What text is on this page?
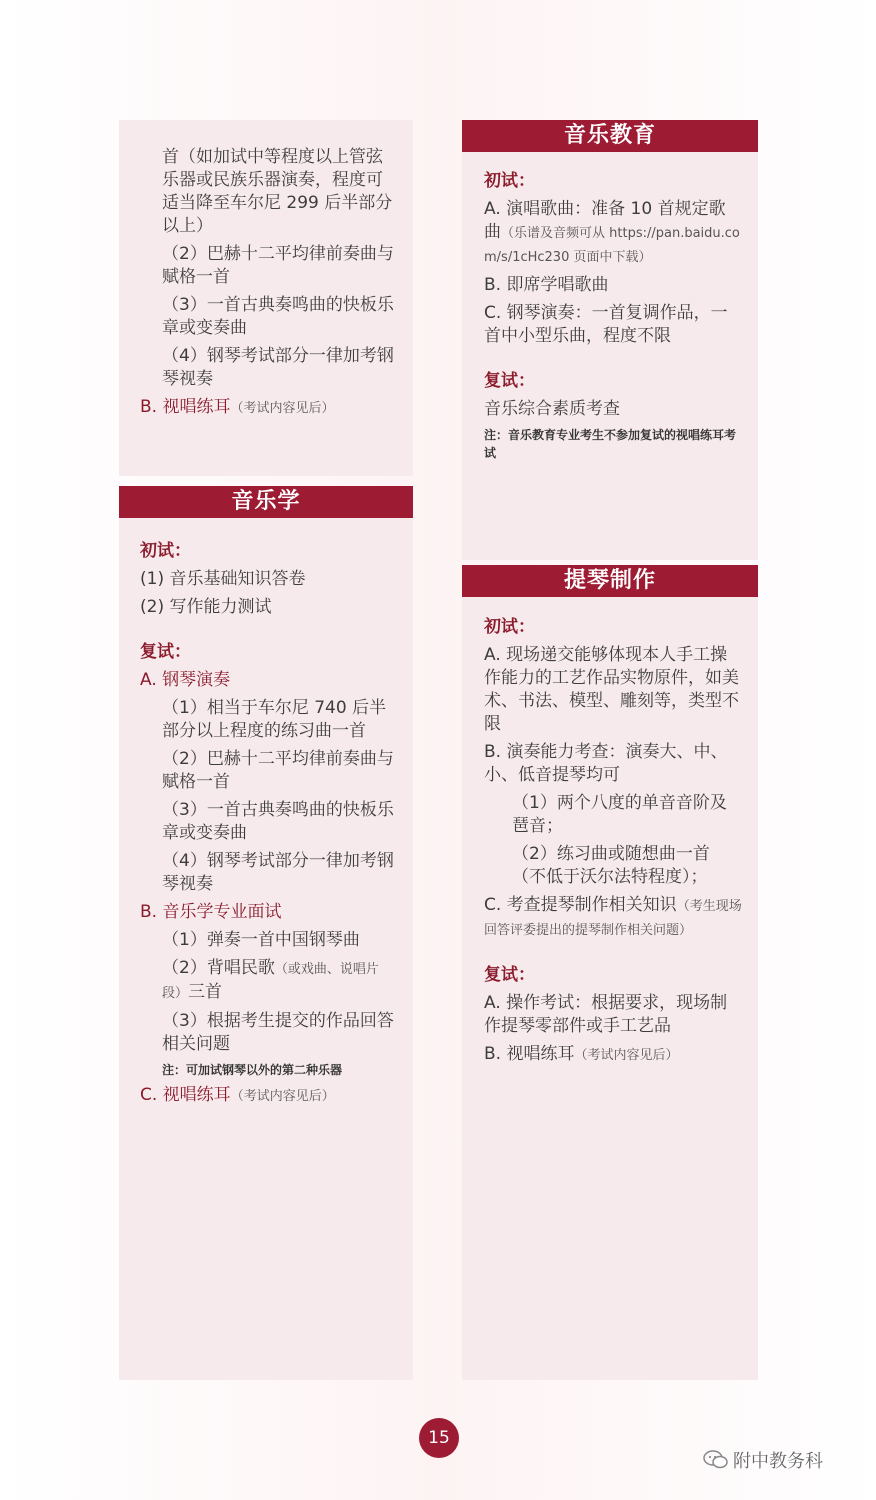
首（如加试中等程度以上管弦乐器或民族乐器演奏，程度可适当降至车尔尼 299 后半部分以上）

（2）巴赫十二平均律前奏曲与赋格一首

（3）一首古典奏鸣曲的快板乐章或变奏曲

（4）钢琴考试部分一律加考钢琴视奏

B. 视唱练耳（考试内容见后）

音乐学

初试：

(1) 音乐基础知识答卷

(2) 写作能力测试

复试：

A. 钢琴演奏

（1）相当于车尔尼 740 后半部分以上程度的练习曲一首

（2）巴赫十二平均律前奏曲与赋格一首

（3）一首古典奏鸣曲的快板乐章或变奏曲

（4）钢琴考试部分一律加考钢琴视奏

B. 音乐学专业面试

（1）弹奏一首中国钢琴曲

（2）背唱民歌（或戏曲、说唱片段）三首

（3）根据考生提交的作品回答相关问题

注：可加试钢琴以外的第二种乐器

C. 视唱练耳（考试内容见后）

音乐教育

初试：

A. 演唱歌曲：准备 10 首规定歌曲（乐谱及音频可从 https://pan.baidu.com/s/1cHc230 页面中下载）

B. 即席学唱歌曲

C. 钢琴演奏：一首复调作品，一首中小型乐曲，程度不限

复试：

音乐综合素质考查

注：音乐教育专业考生不参加复试的视唱练耳考试

提琴制作

初试：

A. 现场递交能够体现本人手工操作能力的工艺作品实物原件，如美术、书法、模型、雕刻等，类型不限

B. 演奏能力考查：演奏大、中、小、低音提琴均可

（1）两个八度的单音音阶及琶音；

（2）练习曲或随想曲一首（不低于沃尔法特程度）；

C. 考查提琴制作相关知识（考生现场回答评委提出的提琴制作相关问题）

复试：

A. 操作考试：根据要求，现场制作提琴零部件或手工艺品

B. 视唱练耳（考试内容见后）

15
附中教务科
